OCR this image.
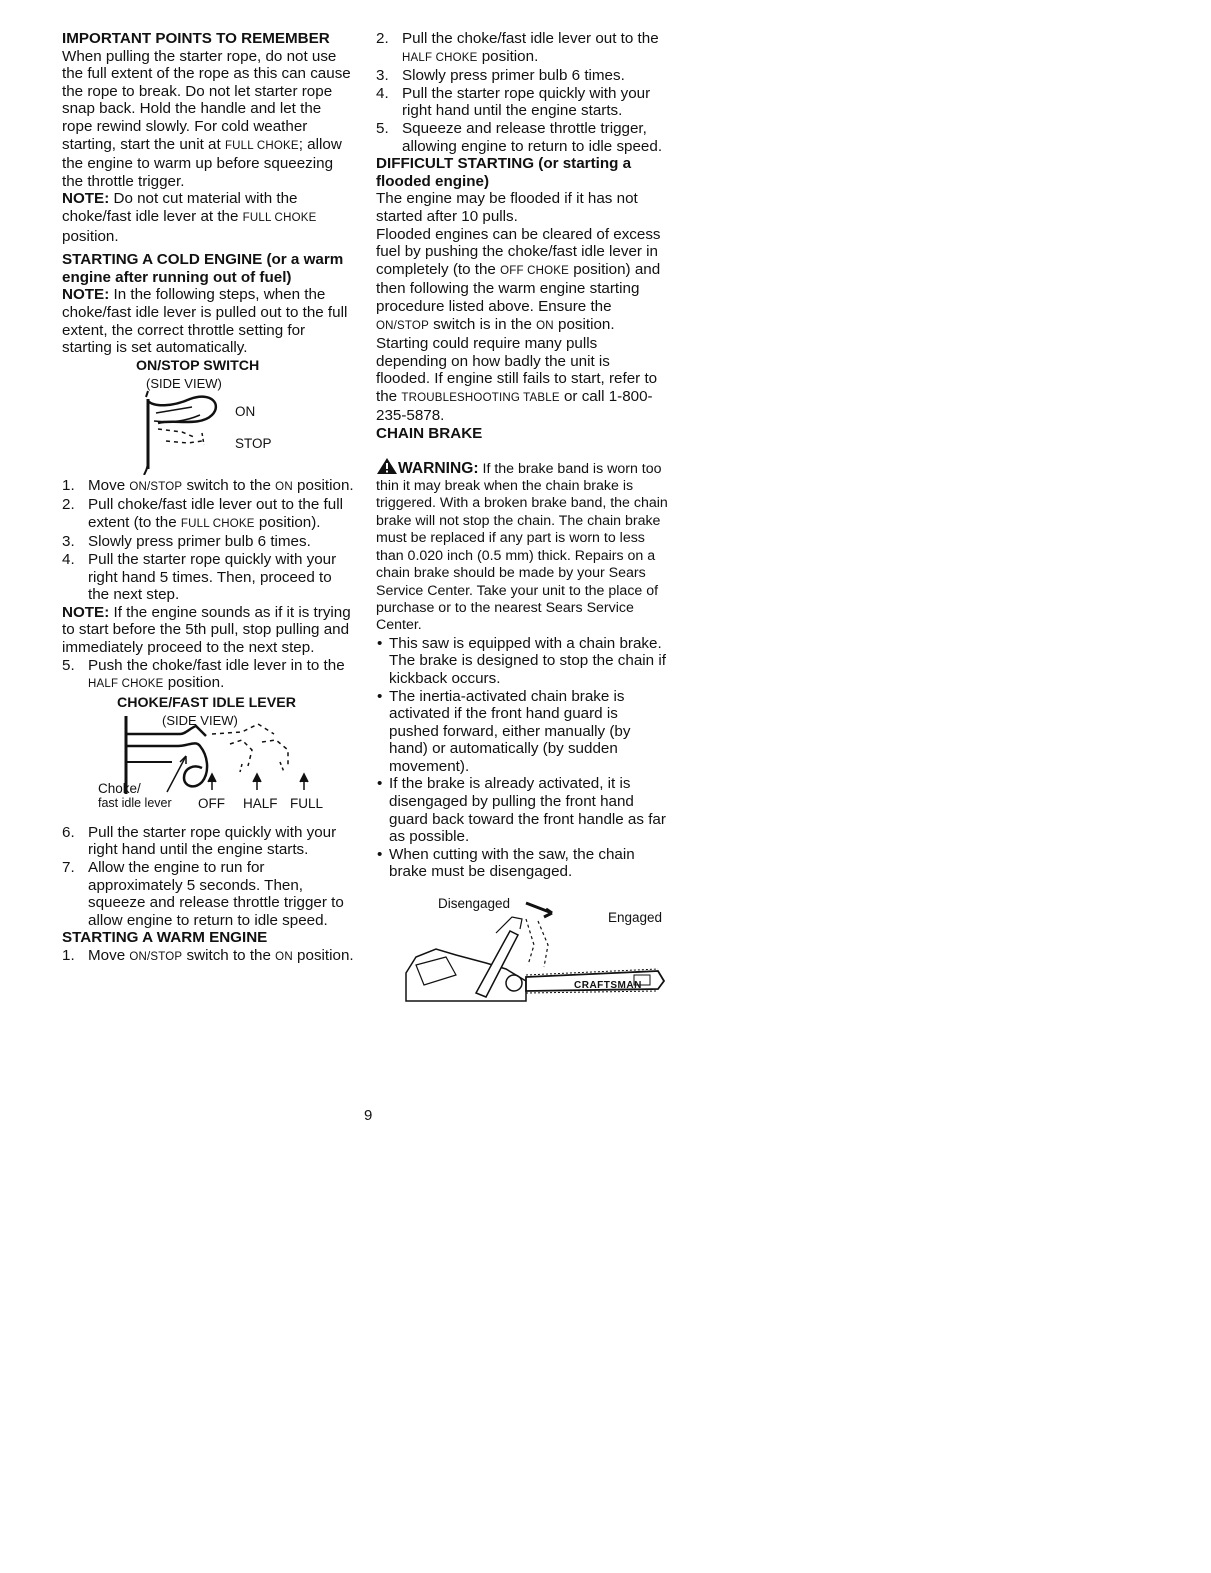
IMPORTANT POINTS TO REMEMBER

When pulling the starter rope, do not use the full extent of the rope as this can cause the rope to break. Do not let starter rope snap back. Hold the handle and let the rope rewind slowly. For cold weather starting, start the unit at FULL CHOKE; allow the engine to warm up before squeezing the throttle trigger.

NOTE: Do not cut material with the choke/fast idle lever at the FULL CHOKE position.

STARTING A COLD ENGINE (or a warm engine after running out of fuel)

NOTE: In the following steps, when the choke/fast idle lever is pulled out to the full extent, the correct throttle setting for starting is set automatically.

ON/STOP SWITCH
(SIDE VIEW)
ON
STOP
1. Move ON/STOP switch to the ON position.
2. Pull choke/fast idle lever out to the full extent (to the FULL CHOKE position).
3. Slowly press primer bulb 6 times.
4. Pull the starter rope quickly with your right hand 5 times. Then, proceed to the next step.

NOTE: If the engine sounds as if it is trying to start before the 5th pull, stop pulling and immediately proceed to the next step.

5. Push the choke/fast idle lever in to the HALF CHOKE position.
CHOKE/FAST IDLE LEVER
(SIDE VIEW)
Choke/
fast idle lever OFF HALF FULL
6. Pull the starter rope quickly with your right hand until the engine starts.
7. Allow the engine to run for approximately 5 seconds. Then, squeeze and release throttle trigger to allow engine to return to idle speed.
STARTING A WARM ENGINE
1. Move ON/STOP switch to the ON position.
2. Pull the choke/fast idle lever out to the HALF CHOKE position.
3. Slowly press primer bulb 6 times.
4. Pull the starter rope quickly with your right hand until the engine starts.
5. Squeeze and release throttle trigger, allowing engine to return to idle speed.
DIFFICULT STARTING (or starting a flooded engine)

The engine may be flooded if it has not started after 10 pulls.

Flooded engines can be cleared of excess fuel by pushing the choke/fast idle lever in completely (to the OFF CHOKE position) and then following the warm engine starting procedure listed above. Ensure the ON/STOP switch is in the ON position.

Starting could require many pulls depending on how badly the unit is flooded. If engine still fails to start, refer to the TROUBLESHOOTING TABLE or call 1-800-235-5878.

CHAIN BRAKE

WARNING: If the brake band is worn too thin it may break when the chain brake is triggered. With a broken brake band, the chain brake will not stop the chain. The chain brake must be replaced if any part is worn to less than 0.020 inch (0.5 mm) thick. Repairs on a chain brake should be made by your Sears Service Center. Take your unit to the place of purchase or to the nearest Sears Service Center.

• This saw is equipped with a chain brake. The brake is designed to stop the chain if kickback occurs.
• The inertia-activated chain brake is activated if the front hand guard is pushed forward, either manually (by hand) or automatically (by sudden movement).
• If the brake is already activated, it is disengaged by pulling the front hand guard back toward the front handle as far as possible.
• When cutting with the saw, the chain brake must be disengaged.
Disengaged
Engaged
CRAFTSMAN
9
